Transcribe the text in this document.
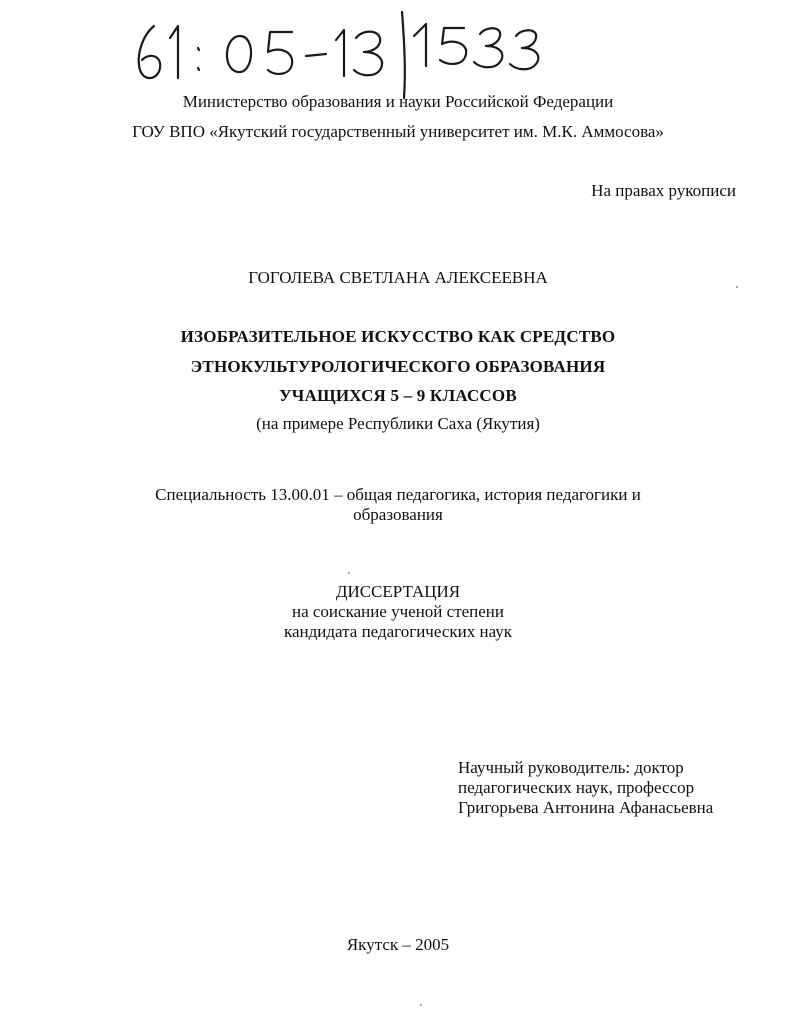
Министерство образования и науки Российской Федерации
ГОУ ВПО «Якутский государственный университет им. М.К. Аммосова»
На правах рукописи
ГОГОЛЕВА СВЕТЛАНА АЛЕКСЕЕВНА
ИЗОБРАЗИТЕЛЬНОЕ ИСКУССТВО КАК СРЕДСТВО
ЭТНОКУЛЬТУРОЛОГИЧЕСКОГО ОБРАЗОВАНИЯ
УЧАЩИХСЯ 5 – 9 КЛАССОВ
(на примере Республики Саха (Якутия)
Специальность 13.00.01 – общая педагогика, история педагогики и
образования
ДИССЕРТАЦИЯ
на соискание ученой степени
кандидата педагогических наук
Научный руководитель: доктор
педагогических наук, профессор
Григорьева Антонина Афанасьевна
Якутск – 2005
